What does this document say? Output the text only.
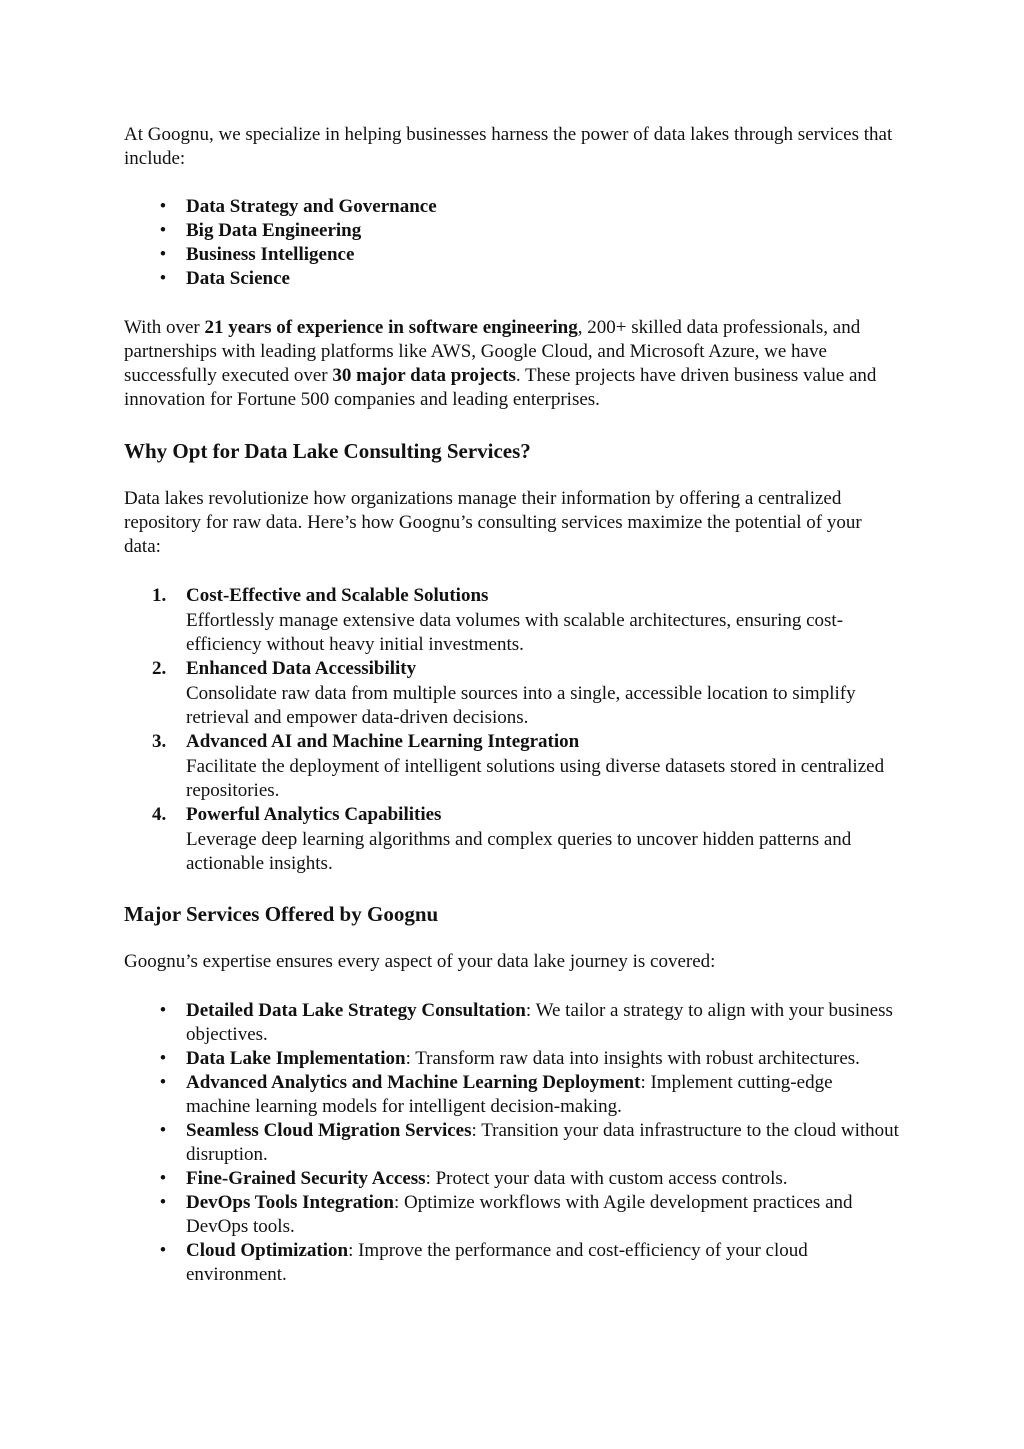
At Goognu, we specialize in helping businesses harness the power of data lakes through services that include:

• Data Strategy and Governance
• Big Data Engineering
• Business Intelligence
• Data Science

With over 21 years of experience in software engineering, 200+ skilled data professionals, and partnerships with leading platforms like AWS, Google Cloud, and Microsoft Azure, we have successfully executed over 30 major data projects. These projects have driven business value and innovation for Fortune 500 companies and leading enterprises.

Why Opt for Data Lake Consulting Services?

Data lakes revolutionize how organizations manage their information by offering a centralized repository for raw data. Here’s how Goognu’s consulting services maximize the potential of your data:

1. Cost-Effective and Scalable Solutions
Effortlessly manage extensive data volumes with scalable architectures, ensuring cost-efficiency without heavy initial investments.
2. Enhanced Data Accessibility
Consolidate raw data from multiple sources into a single, accessible location to simplify retrieval and empower data-driven decisions.
3. Advanced AI and Machine Learning Integration
Facilitate the deployment of intelligent solutions using diverse datasets stored in centralized repositories.
4. Powerful Analytics Capabilities
Leverage deep learning algorithms and complex queries to uncover hidden patterns and actionable insights.
Major Services Offered by Goognu

Goognu’s expertise ensures every aspect of your data lake journey is covered:

• Detailed Data Lake Strategy Consultation: We tailor a strategy to align with your business objectives.
• Data Lake Implementation: Transform raw data into insights with robust architectures.
• Advanced Analytics and Machine Learning Deployment: Implement cutting-edge machine learning models for intelligent decision-making.
• Seamless Cloud Migration Services: Transition your data infrastructure to the cloud without disruption.
• Fine-Grained Security Access: Protect your data with custom access controls.
• DevOps Tools Integration: Optimize workflows with Agile development practices and DevOps tools.
• Cloud Optimization: Improve the performance and cost-efficiency of your cloud environment.
